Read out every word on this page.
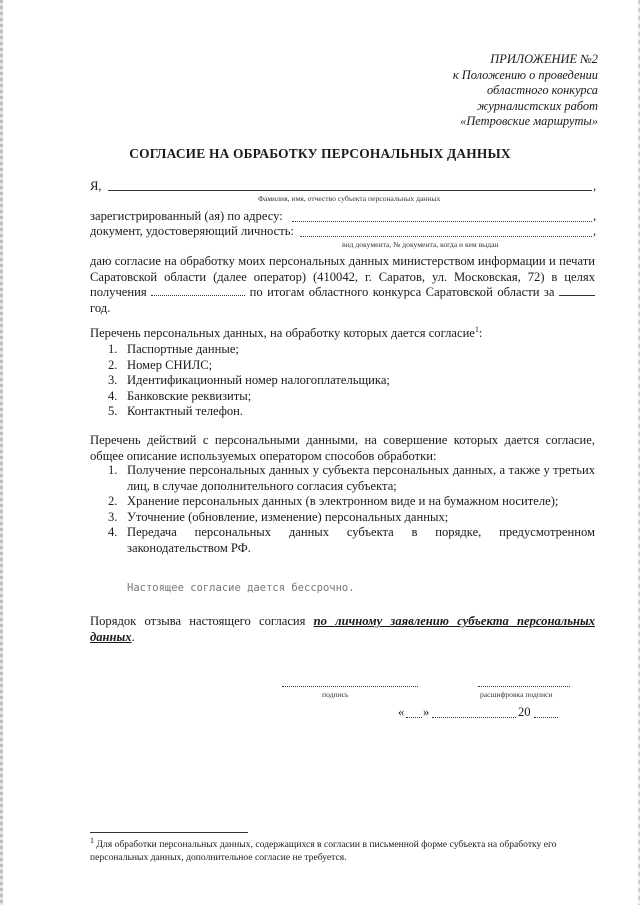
ПРИЛОЖЕНИЕ №2
к Положению о проведении
областного конкурса
журналистских работ
«Петровские маршруты»
СОГЛАСИЕ НА ОБРАБОТКУ ПЕРСОНАЛЬНЫХ ДАННЫХ
Я,	,
Фамилия, имя, отчество субъекта персональных данных
зарегистрированный (ая) по адресу:	,
документ, удостоверяющий личность:	,
вид документа, № документа, когда и кем выдан
даю согласие на обработку моих персональных данных министерством информации и печати Саратовской области (далее оператор) (410042, г. Саратов, ул. Московская, 72) в целях получения	по итогам областного конкурса Саратовской области за  год.
Перечень персональных данных, на обработку которых дается согласие$^1$:
1. Паспортные данные;
2. Номер СНИЛС;
3. Идентификационный номер налогоплательщика;
4. Банковские реквизиты;
5. Контактный телефон.
Перечень действий с персональными данными, на совершение которых дается согласие, общее описание используемых оператором способов обработки:
1. Получение персональных данных у субъекта персональных данных, а также у третьих лиц, в случае дополнительного согласия субъекта;
2. Хранение персональных данных (в электронном виде и на бумажном носителе);
3. Уточнение (обновление, изменение) персональных данных;
4. Передача персональных данных субъекта в порядке, предусмотренном законодательством РФ.
Настоящее согласие дается бессрочно.
Порядок отзыва настоящего согласия по личному заявлению субъекта персональных данных.
подпись	расшифровка подписи
« »	20
$^1$ Для обработки персональных данных, содержащихся в согласии в письменной форме субъекта на обработку его персональных данных, дополнительное согласие не требуется.
